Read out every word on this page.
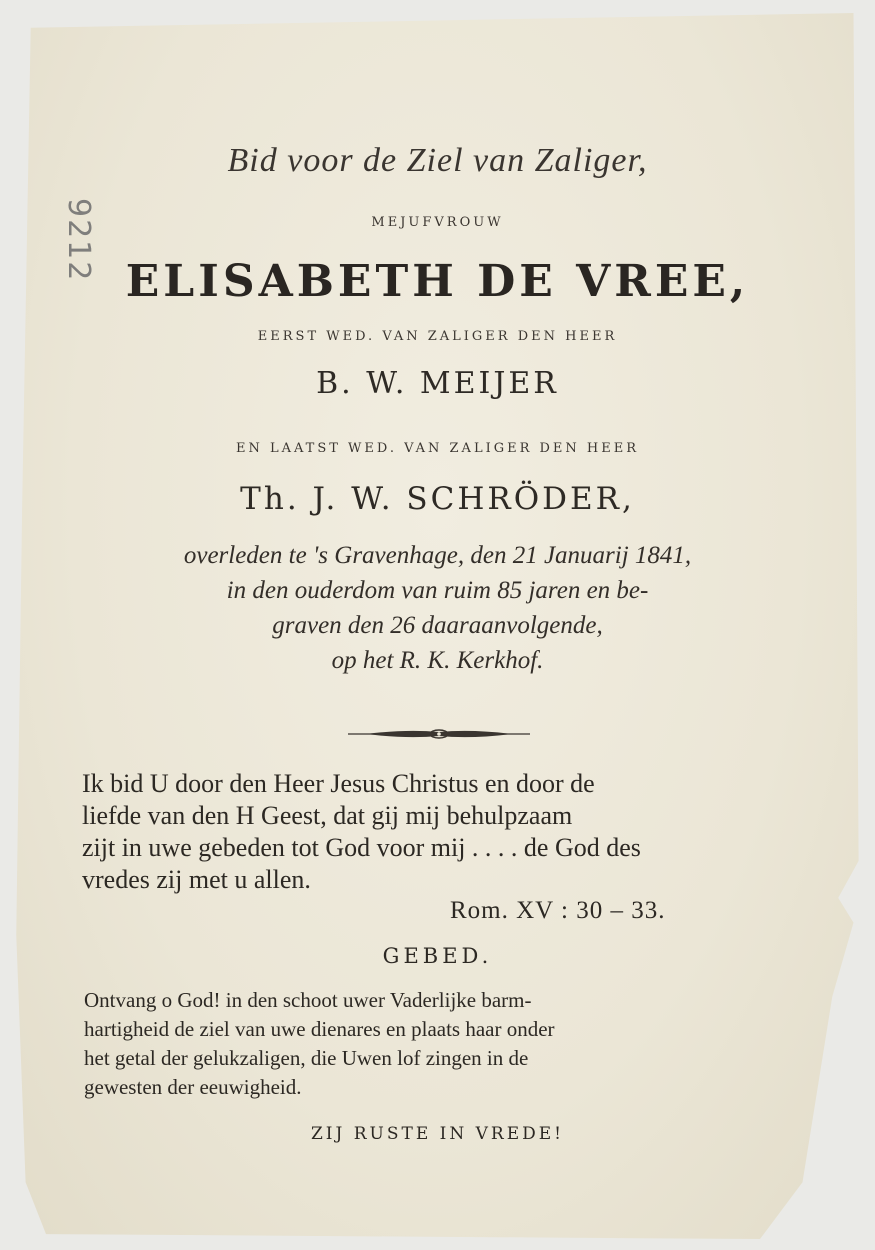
Bid voor de Ziel van Zaliger,
MEJUFVROUW
ELISABETH DE VREE,
EERST WED. VAN ZALIGER DEN HEER
B. W. MEIJER
EN LAATST WED. VAN ZALIGER DEN HEER
Th. J. W. SCHRÖDER,
overleden te 's Gravenhage, den 21 Januarij 1841,
in den ouderdom van ruim 85 jaren en be-
graven den 26 daaraanvolgende,
op het R. K. Kerkhof.
Ik bid U door den Heer Jesus Christus en door de
liefde van den H Geest, dat gij mij behulpzaam
zijt in uwe gebeden tot God voor mij . . . . de God des
vredes zij met u allen.
Rom. XV : 30 – 33.
GEBED.
Ontvang o God! in den schoot uwer Vaderlijke barm-
hartigheid de ziel van uwe dienares en plaats haar onder
het getal der gelukzaligen, die Uwen lof zingen in de
gewesten der eeuwigheid.
ZIJ RUSTE IN VREDE!
